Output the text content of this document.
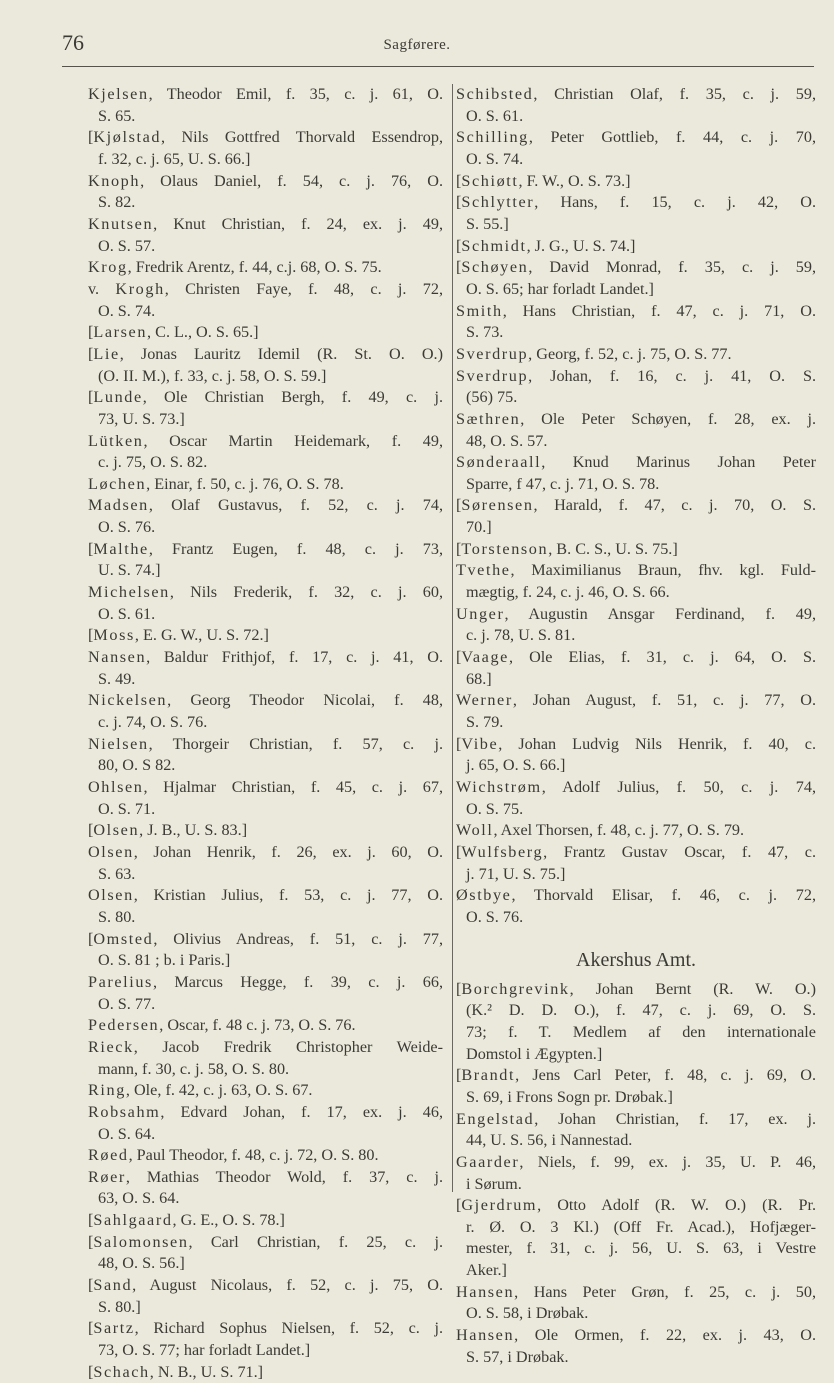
76	Sagførere.
Kjelsen, Theodor Emil, f. 35, c. j. 61, O.
S. 65.
[Kjølstad, Nils Gottfred Thorvald Essendrop,
f. 32, c. j. 65, U. S. 66.]
Knoph, Olaus Daniel, f. 54, c. j. 76, O.
S. 82.
Knutsen, Knut Christian, f. 24, ex. j. 49,
O. S. 57.
Krog, Fredrik Arentz, f. 44, c.j. 68, O. S. 75.
v. Krogh, Christen Faye, f. 48, c. j. 72,
O. S. 74.
[Larsen, C. L., O. S. 65.]
[Lie, Jonas Lauritz Idemil (R. St. O. O.)
(O. II. M.), f. 33, c. j. 58, O. S. 59.]
[Lunde, Ole Christian Bergh, f. 49, c. j.
73, U. S. 73.]
Lütken, Oscar Martin Heidemark, f. 49,
c. j. 75, O. S. 82.
Løchen, Einar, f. 50, c. j. 76, O. S. 78.
Madsen, Olaf Gustavus, f. 52, c. j. 74,
O. S. 76.
[Malthe, Frantz Eugen, f. 48, c. j. 73,
U. S. 74.]
Michelsen, Nils Frederik, f. 32, c. j. 60,
O. S. 61.
[Moss, E. G. W., U. S. 72.]
Nansen, Baldur Frithjof, f. 17, c. j. 41, O.
S. 49.
Nickelsen, Georg Theodor Nicolai, f. 48,
c. j. 74, O. S. 76.
Nielsen, Thorgeir Christian, f. 57, c. j.
80, O. S 82.
Ohlsen, Hjalmar Christian, f. 45, c. j. 67,
O. S. 71.
[Olsen, J. B., U. S. 83.]
Olsen, Johan Henrik, f. 26, ex. j. 60, O.
S. 63.
Olsen, Kristian Julius, f. 53, c. j. 77, O.
S. 80.
[Omsted, Olivius Andreas, f. 51, c. j. 77,
O. S. 81 ; b. i Paris.]
Parelius, Marcus Hegge, f. 39, c. j. 66,
O. S. 77.
Pedersen, Oscar, f. 48 c. j. 73, O. S. 76.
Rieck, Jacob Fredrik Christopher Weide-
mann, f. 30, c. j. 58, O. S. 80.
Ring, Ole, f. 42, c. j. 63, O. S. 67.
Robsahm, Edvard Johan, f. 17, ex. j. 46,
O. S. 64.
Røed, Paul Theodor, f. 48, c. j. 72, O. S. 80.
Røer, Mathias Theodor Wold, f. 37, c. j.
63, O. S. 64.
[Sahlgaard, G. E., O. S. 78.]
[Salomonsen, Carl Christian, f. 25, c. j.
48, O. S. 56.]
[Sand, August Nicolaus, f. 52, c. j. 75, O.
S. 80.]
[Sartz, Richard Sophus Nielsen, f. 52, c. j.
73, O. S. 77; har forladt Landet.]
[Schach, N. B., U. S. 71.]
Schibsted, Christian Olaf, f. 35, c. j. 59,
O. S. 61.
Schilling, Peter Gottlieb, f. 44, c. j. 70,
O. S. 74.
[Schiøtt, F. W., O. S. 73.]
[Schlytter, Hans, f. 15, c. j. 42, O.
S. 55.]
[Schmidt, J. G., U. S. 74.]
[Schøyen, David Monrad, f. 35, c. j. 59,
O. S. 65; har forladt Landet.]
Smith, Hans Christian, f. 47, c. j. 71, O.
S. 73.
Sverdrup, Georg, f. 52, c. j. 75, O. S. 77.
Sverdrup, Johan, f. 16, c. j. 41, O. S.
(56) 75.
Sæthren, Ole Peter Schøyen, f. 28, ex. j.
48, O. S. 57.
Sønderaall, Knud Marinus Johan Peter
Sparre, f 47, c. j. 71, O. S. 78.
[Sørensen, Harald, f. 47, c. j. 70, O. S.
70.]
[Torstenson, B. C. S., U. S. 75.]
Tvethe, Maximilianus Braun, fhv. kgl. Fuld-
mægtig, f. 24, c. j. 46, O. S. 66.
Unger, Augustin Ansgar Ferdinand, f. 49,
c. j. 78, U. S. 81.
[Vaage, Ole Elias, f. 31, c. j. 64, O. S.
68.]
Werner, Johan August, f. 51, c. j. 77, O.
S. 79.
[Vibe, Johan Ludvig Nils Henrik, f. 40, c.
j. 65, O. S. 66.]
Wichstrøm, Adolf Julius, f. 50, c. j. 74,
O. S. 75.
Woll, Axel Thorsen, f. 48, c. j. 77, O. S. 79.
[Wulfsberg, Frantz Gustav Oscar, f. 47, c.
j. 71, U. S. 75.]
Østbye, Thorvald Elisar, f. 46, c. j. 72,
O. S. 76.
Akershus Amt.
[Borchgrevink, Johan Bernt (R. W. O.)
(K.² D. D. O.), f. 47, c. j. 69, O. S.
73; f. T. Medlem af den internationale
Domstol i Ægypten.]
[Brandt, Jens Carl Peter, f. 48, c. j. 69, O.
S. 69, i Frons Sogn pr. Drøbak.]
Engelstad, Johan Christian, f. 17, ex. j.
44, U. S. 56, i Nannestad.
Gaarder, Niels, f. 99, ex. j. 35, U. P. 46,
i Sørum.
[Gjerdrum, Otto Adolf (R. W. O.) (R. Pr.
r. Ø. O. 3 Kl.) (Off Fr. Acad.), Hofjæger-
mester, f. 31, c. j. 56, U. S. 63, i Vestre
Aker.]
Hansen, Hans Peter Grøn, f. 25, c. j. 50,
O. S. 58, i Drøbak.
Hansen, Ole Ormen, f. 22, ex. j. 43, O.
S. 57, i Drøbak.
